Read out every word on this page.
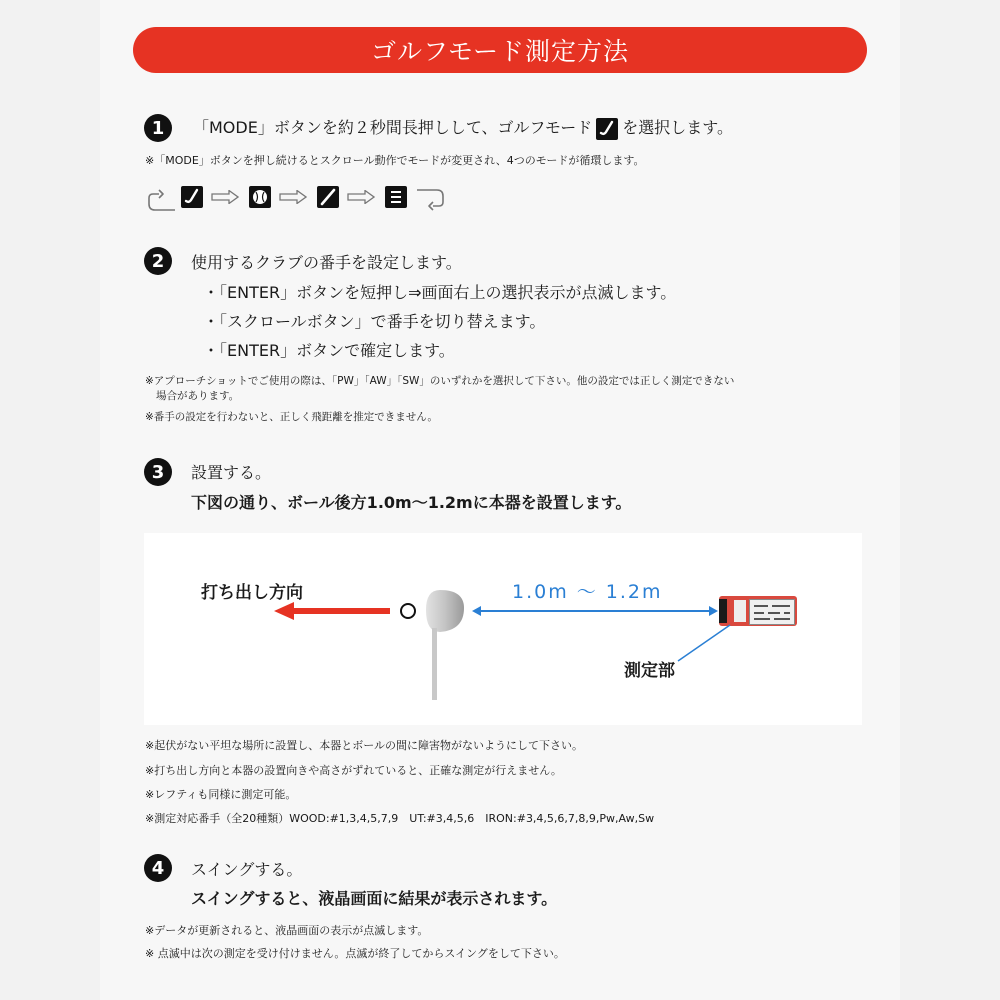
ゴルフモード測定方法
1	「MODE」ボタンを約２秒間長押しして、ゴルフモード を選択します。
※「MODE」ボタンを押し続けるとスクロール動作でモードが変更され、4つのモードが循環します。
2	使用するクラブの番手を設定します。
・「ENTER」ボタンを短押し⇒画面右上の選択表示が点滅します。
・「スクロールボタン」で番手を切り替えます。
・「ENTER」ボタンで確定します。
※アプローチショットでご使用の際は、「PW」「AW」「SW」のいずれかを選択して下さい。他の設定では正しく測定できない
場合があります。
※番手の設定を行わないと、正しく飛距離を推定できません。
3	設置する。
下図の通り、ボール後方1.0m〜1.2mに本器を設置します。
打ち出し方向	1.0m ～ 1.2m
測定部
※起伏がない平坦な場所に設置し、本器とボールの間に障害物がないようにして下さい。
※打ち出し方向と本器の設置向きや高さがずれていると、正確な測定が行えません。
※レフティも同様に測定可能。
※測定対応番手（全20種類）WOOD:#1,3,4,5,7,9　UT:#3,4,5,6　IRON:#3,4,5,6,7,8,9,Pw,Aw,Sw
4	スイングする。
スイングすると、液晶画面に結果が表示されます。
※データが更新されると、液晶画面の表示が点滅します。
※ 点滅中は次の測定を受け付けません。点滅が終了してからスイングをして下さい。
